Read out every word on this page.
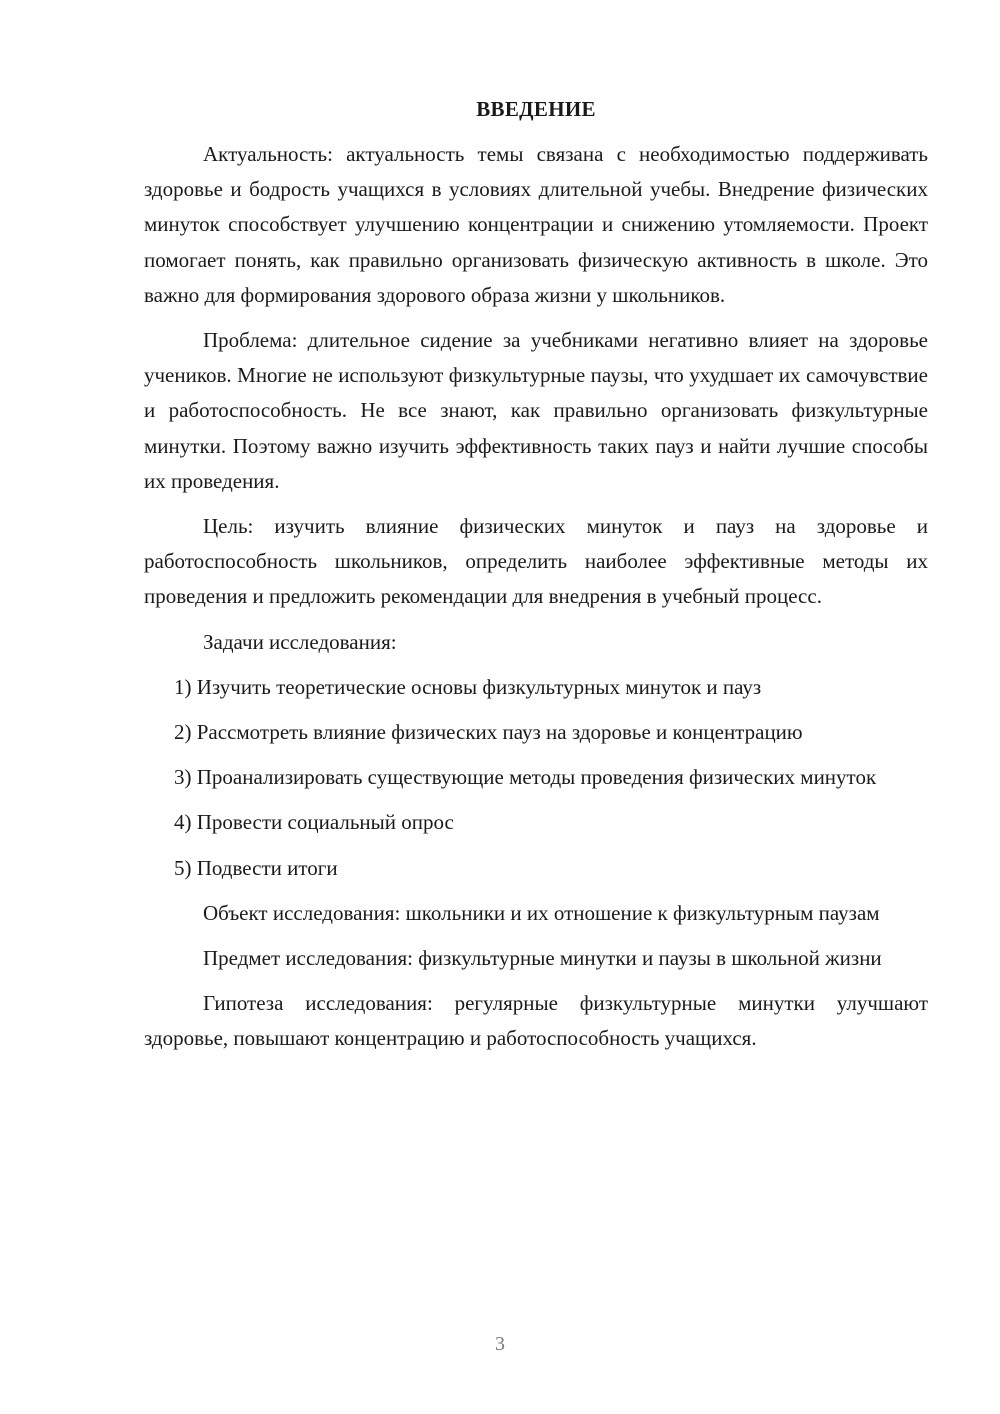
ВВЕДЕНИЕ

Актуальность: актуальность темы связана с необходимостью поддерживать здоровье и бодрость учащихся в условиях длительной учебы. Внедрение физических минуток способствует улучшению концентрации и снижению утомляемости. Проект помогает понять, как правильно организовать физическую активность в школе. Это важно для формирования здорового образа жизни у школьников.

Проблема: длительное сидение за учебниками негативно влияет на здоровье учеников. Многие не используют физкультурные паузы, что ухудшает их самочувствие и работоспособность. Не все знают, как правильно организовать физкультурные минутки. Поэтому важно изучить эффективность таких пауз и найти лучшие способы их проведения.

Цель: изучить влияние физических минуток и пауз на здоровье и работоспособность школьников, определить наиболее эффективные методы их проведения и предложить рекомендации для внедрения в учебный процесс.

Задачи исследования:

1) Изучить теоретические основы физкультурных минуток и пауз

2) Рассмотреть влияние физических пауз на здоровье и концентрацию

3) Проанализировать существующие методы проведения физических минуток

4) Провести социальный опрос

5) Подвести итоги

Объект исследования: школьники и их отношение к физкультурным паузам

Предмет исследования: физкультурные минутки и паузы в школьной жизни

Гипотеза исследования: регулярные физкультурные минутки улучшают здоровье, повышают концентрацию и работоспособность учащихся.

3
